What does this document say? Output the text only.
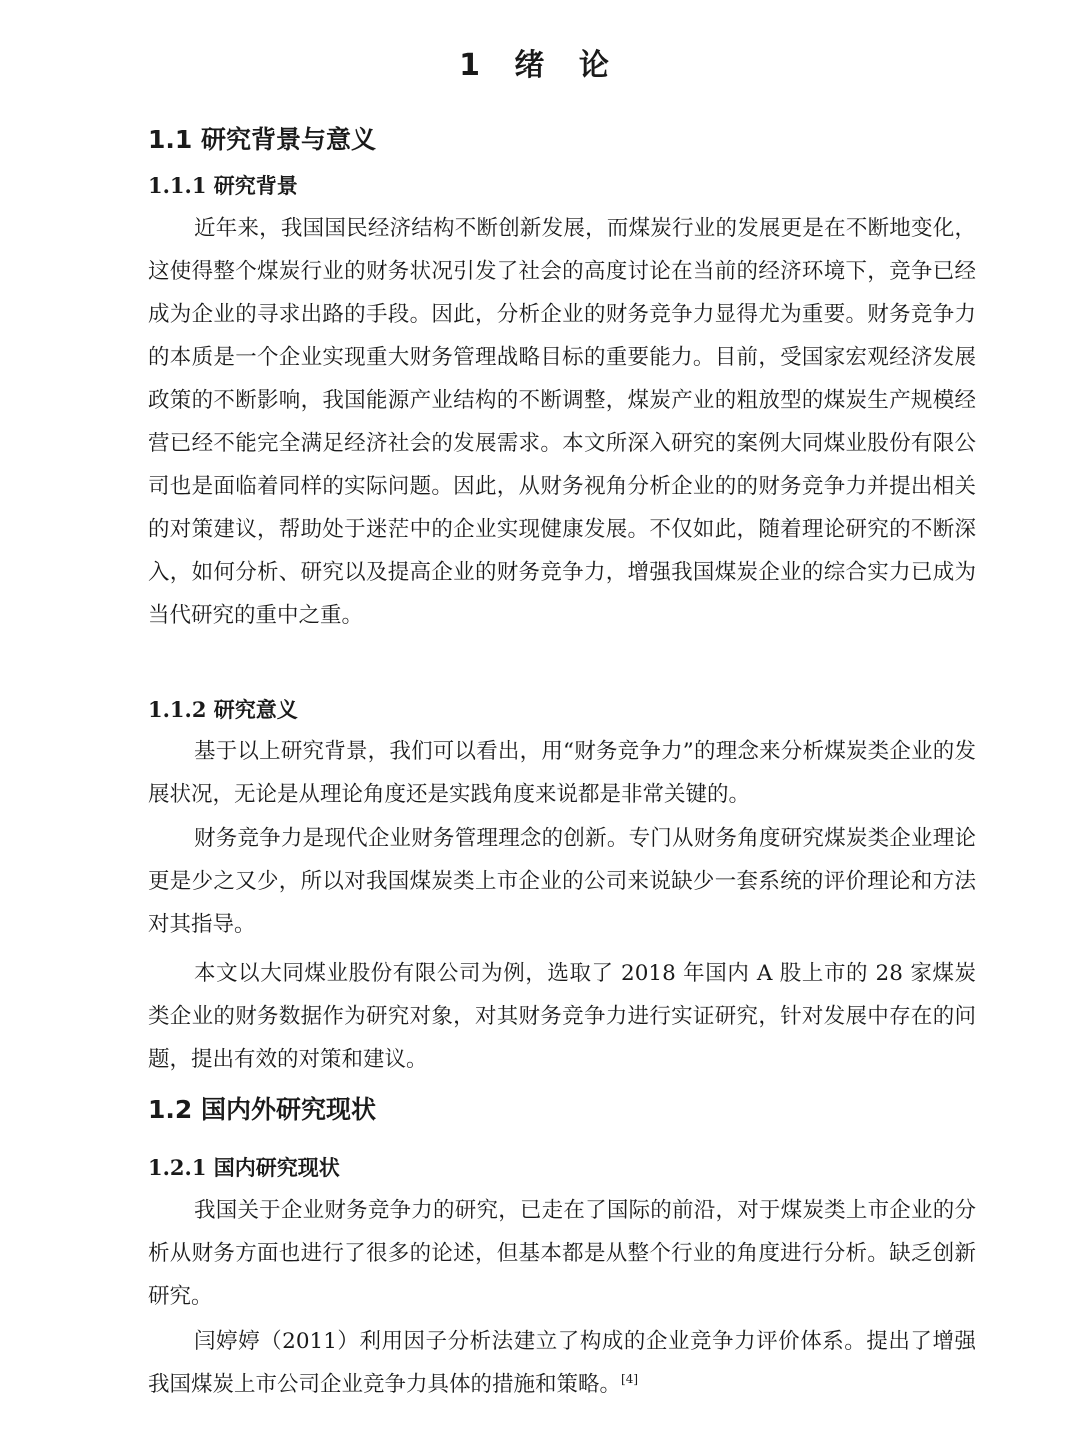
1 绪 论
1.1 研究背景与意义
1.1.1 研究背景

近年来，我国国民经济结构不断创新发展，而煤炭行业的发展更是在不断地变化，这使得整个煤炭行业的财务状况引发了社会的高度讨论在当前的经济环境下，竞争已经成为企业的寻求出路的手段。因此，分析企业的财务竞争力显得尤为重要。财务竞争力的本质是一个企业实现重大财务管理战略目标的重要能力。目前，受国家宏观经济发展政策的不断影响，我国能源产业结构的不断调整，煤炭产业的粗放型的煤炭生产规模经营已经不能完全满足经济社会的发展需求。本文所深入研究的案例大同煤业股份有限公司也是面临着同样的实际问题。因此，从财务视角分析企业的的财务竞争力并提出相关的对策建议，帮助处于迷茫中的企业实现健康发展。不仅如此，随着理论研究的不断深入，如何分析、研究以及提高企业的财务竞争力，增强我国煤炭企业的综合实力已成为当代研究的重中之重。

1.1.2 研究意义

基于以上研究背景，我们可以看出，用“财务竞争力”的理念来分析煤炭类企业的发展状况，无论是从理论角度还是实践角度来说都是非常关键的。

财务竞争力是现代企业财务管理理念的创新。专门从财务角度研究煤炭类企业理论更是少之又少，所以对我国煤炭类上市企业的公司来说缺少一套系统的评价理论和方法对其指导。

本文以大同煤业股份有限公司为例，选取了 2018 年国内 A 股上市的 28 家煤炭类企业的财务数据作为研究对象，对其财务竞争力进行实证研究，针对发展中存在的问题，提出有效的对策和建议。

1.2 国内外研究现状
1.2.1 国内研究现状

我国关于企业财务竞争力的研究，已走在了国际的前沿，对于煤炭类上市企业的分析从财务方面也进行了很多的论述，但基本都是从整个行业的角度进行分析。缺乏创新研究。

闫婷婷（2011）利用因子分析法建立了构成的企业竞争力评价体系。提出了增强我国煤炭上市公司企业竞争力具体的措施和策略。[4]
